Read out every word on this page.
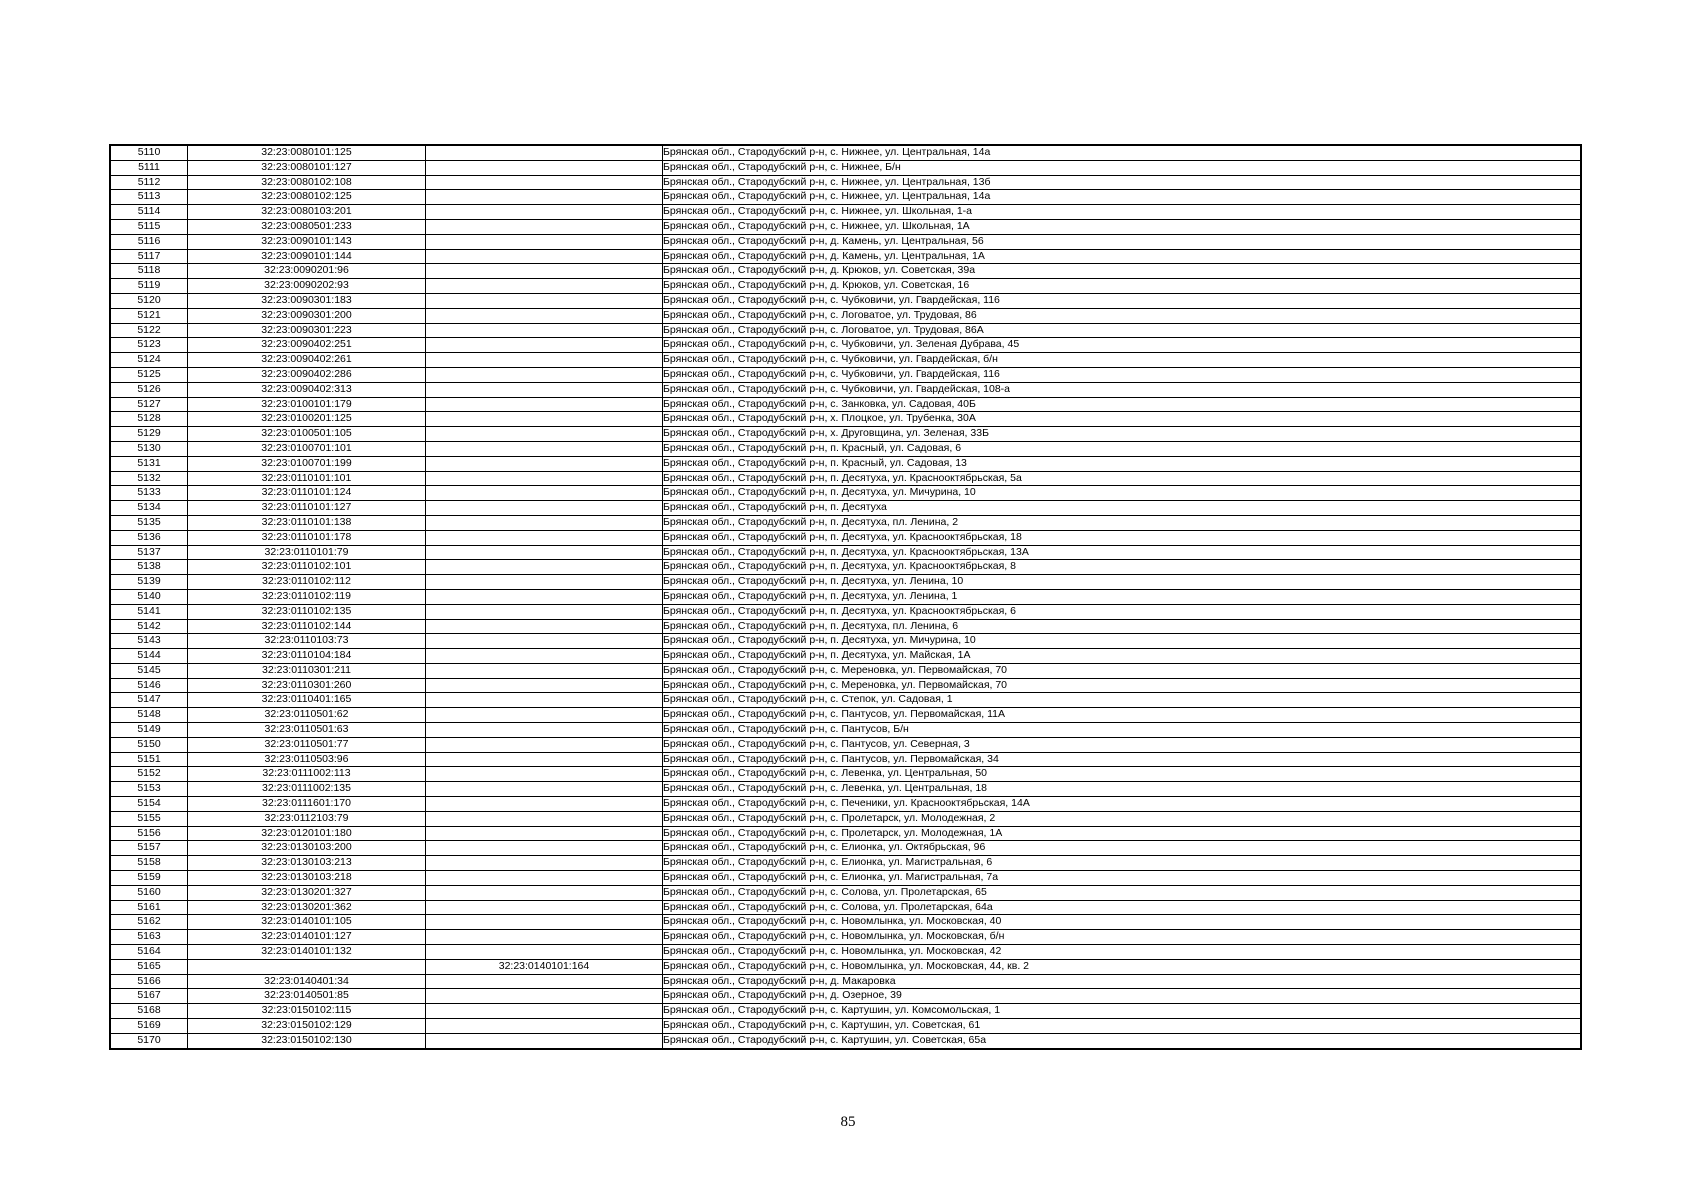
5110	32:23:0080101:125		Брянская обл., Стародубский р-н, с. Нижнее, ул. Центральная, 14а
5111	32:23:0080101:127		Брянская обл., Стародубский р-н, с. Нижнее, Б/н
5112	32:23:0080102:108		Брянская обл., Стародубский р-н, с. Нижнее, ул. Центральная, 13б
5113	32:23:0080102:125		Брянская обл., Стародубский р-н, с. Нижнее, ул. Центральная, 14а
5114	32:23:0080103:201		Брянская обл., Стародубский р-н, с. Нижнее, ул. Школьная, 1-а
5115	32:23:0080501:233		Брянская обл., Стародубский р-н, с. Нижнее, ул. Школьная, 1А
5116	32:23:0090101:143		Брянская обл., Стародубский р-н, д. Камень, ул. Центральная, 56
5117	32:23:0090101:144		Брянская обл., Стародубский р-н, д. Камень, ул. Центральная, 1А
5118	32:23:0090201:96		Брянская обл., Стародубский р-н, д. Крюков, ул. Советская, 39а
5119	32:23:0090202:93		Брянская обл., Стародубский р-н, д. Крюков, ул. Советская, 16
5120	32:23:0090301:183		Брянская обл., Стародубский р-н, с. Чубковичи, ул. Гвардейская, 116
5121	32:23:0090301:200		Брянская обл., Стародубский р-н, с. Логоватое, ул. Трудовая, 86
5122	32:23:0090301:223		Брянская обл., Стародубский р-н, с. Логоватое, ул. Трудовая, 86А
5123	32:23:0090402:251		Брянская обл., Стародубский р-н, с. Чубковичи, ул. Зеленая Дубрава, 45
5124	32:23:0090402:261		Брянская обл., Стародубский р-н, с. Чубковичи, ул. Гвардейская, б/н
5125	32:23:0090402:286		Брянская обл., Стародубский р-н, с. Чубковичи, ул. Гвардейская, 116
5126	32:23:0090402:313		Брянская обл., Стародубский р-н, с. Чубковичи, ул. Гвардейская, 108-а
5127	32:23:0100101:179		Брянская обл., Стародубский р-н, с. Занковка, ул. Садовая, 40Б
5128	32:23:0100201:125		Брянская обл., Стародубский р-н, х. Плоцкое, ул. Трубенка, 30А
5129	32:23:0100501:105		Брянская обл., Стародубский р-н, х. Друговщина, ул. Зеленая, 33Б
5130	32:23:0100701:101		Брянская обл., Стародубский р-н, п. Красный, ул. Садовая, 6
5131	32:23:0100701:199		Брянская обл., Стародубский р-н, п. Красный, ул. Садовая, 13
5132	32:23:0110101:101		Брянская обл., Стародубский р-н, п. Десятуха, ул. Краснооктябрьская, 5а
5133	32:23:0110101:124		Брянская обл., Стародубский р-н, п. Десятуха, ул. Мичурина, 10
5134	32:23:0110101:127		Брянская обл., Стародубский р-н, п. Десятуха
5135	32:23:0110101:138		Брянская обл., Стародубский р-н, п. Десятуха, пл. Ленина, 2
5136	32:23:0110101:178		Брянская обл., Стародубский р-н, п. Десятуха, ул. Краснооктябрьская, 18
5137	32:23:0110101:79		Брянская обл., Стародубский р-н, п. Десятуха, ул. Краснооктябрьская, 13А
5138	32:23:0110102:101		Брянская обл., Стародубский р-н, п. Десятуха, ул. Краснооктябрьская, 8
5139	32:23:0110102:112		Брянская обл., Стародубский р-н, п. Десятуха, ул. Ленина, 10
5140	32:23:0110102:119		Брянская обл., Стародубский р-н, п. Десятуха, ул. Ленина, 1
5141	32:23:0110102:135		Брянская обл., Стародубский р-н, п. Десятуха, ул. Краснооктябрьская, 6
5142	32:23:0110102:144		Брянская обл., Стародубский р-н, п. Десятуха, пл. Ленина, 6
5143	32:23:0110103:73		Брянская обл., Стародубский р-н, п. Десятуха, ул. Мичурина, 10
5144	32:23:0110104:184		Брянская обл., Стародубский р-н, п. Десятуха, ул. Майская, 1А
5145	32:23:0110301:211		Брянская обл., Стародубский р-н, с. Мереновка, ул. Первомайская, 70
5146	32:23:0110301:260		Брянская обл., Стародубский р-н, с. Мереновка, ул. Первомайская, 70
5147	32:23:0110401:165		Брянская обл., Стародубский р-н, с. Степок, ул. Садовая, 1
5148	32:23:0110501:62		Брянская обл., Стародубский р-н, с. Пантусов, ул. Первомайская, 11А
5149	32:23:0110501:63		Брянская обл., Стародубский р-н, с. Пантусов, Б/н
5150	32:23:0110501:77		Брянская обл., Стародубский р-н, с. Пантусов, ул. Северная, 3
5151	32:23:0110503:96		Брянская обл., Стародубский р-н, с. Пантусов, ул. Первомайская, 34
5152	32:23:0111002:113		Брянская обл., Стародубский р-н, с. Левенка, ул. Центральная, 50
5153	32:23:0111002:135		Брянская обл., Стародубский р-н, с. Левенка, ул. Центральная, 18
5154	32:23:0111601:170		Брянская обл., Стародубский р-н, с. Печеники, ул. Краснооктябрьская, 14А
5155	32:23:0112103:79		Брянская обл., Стародубский р-н, с. Пролетарск, ул. Молодежная, 2
5156	32:23:0120101:180		Брянская обл., Стародубский р-н, с. Пролетарск, ул. Молодежная, 1А
5157	32:23:0130103:200		Брянская обл., Стародубский р-н, с. Елионка, ул. Октябрьская, 96
5158	32:23:0130103:213		Брянская обл., Стародубский р-н, с. Елионка, ул. Магистральная, 6
5159	32:23:0130103:218		Брянская обл., Стародубский р-н, с. Елионка, ул. Магистральная, 7а
5160	32:23:0130201:327		Брянская обл., Стародубский р-н, с. Солова, ул. Пролетарская, 65
5161	32:23:0130201:362		Брянская обл., Стародубский р-н, с. Солова, ул. Пролетарская, 64а
5162	32:23:0140101:105		Брянская обл., Стародубский р-н, с. Новомлынка, ул. Московская, 40
5163	32:23:0140101:127		Брянская обл., Стародубский р-н, с. Новомлынка, ул. Московская, б/н
5164	32:23:0140101:132		Брянская обл., Стародубский р-н, с. Новомлынка, ул. Московская, 42
5165		32:23:0140101:164	Брянская обл., Стародубский р-н, с. Новомлынка, ул. Московская, 44, кв. 2
5166	32:23:0140401:34		Брянская обл., Стародубский р-н, д. Макаровка
5167	32:23:0140501:85		Брянская обл., Стародубский р-н, д. Озерное, 39
5168	32:23:0150102:115		Брянская обл., Стародубский р-н, с. Картушин, ул. Комсомольская, 1
5169	32:23:0150102:129		Брянская обл., Стародубский р-н, с. Картушин, ул. Советская, 61
5170	32:23:0150102:130		Брянская обл., Стародубский р-н, с. Картушин, ул. Советская, 65а
85
